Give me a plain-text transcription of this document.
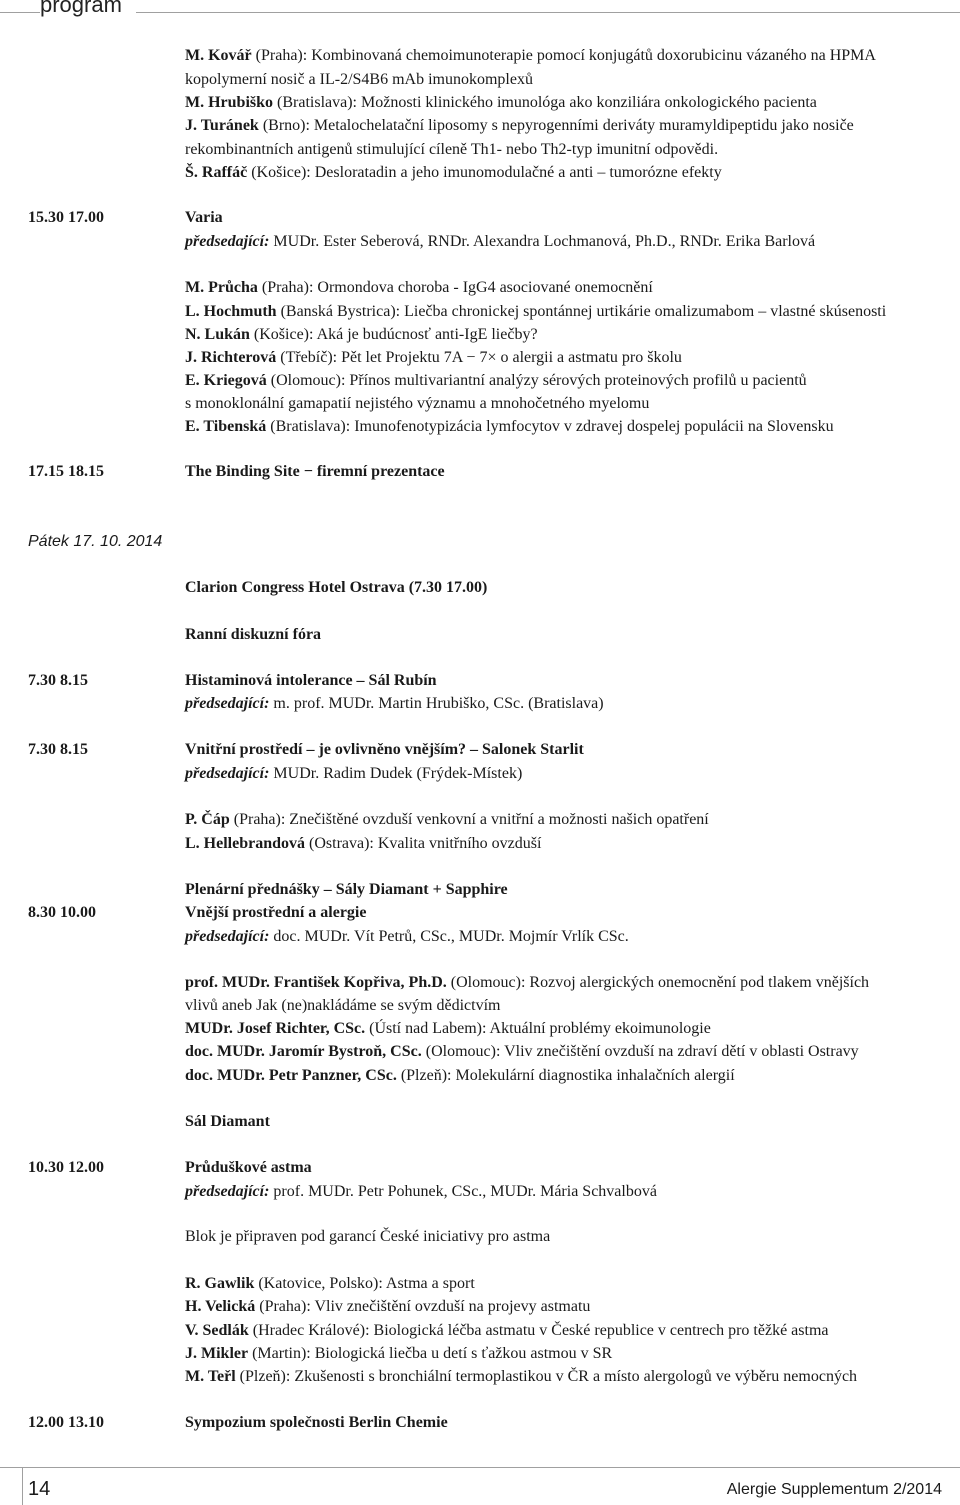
program
M. Kovář (Praha): Kombinovaná chemoimunoterapie pomocí konjugátů doxorubicinu vázaného na HPMA
kopolymerní nosič a IL-2/S4B6 mAb imunokomplexů
M. Hrubiško (Bratislava): Možnosti klinického imunológa ako konziliára onkologického pacienta
J. Turánek (Brno): Metalochelatační liposomy s nepyrogenními deriváty muramyldipeptidu jako nosiče
rekombinantních antigenů stimulující cíleně Th1- nebo Th2-typ imunitní odpovědi.
Š. Raffáč (Košice): Desloratadin a jeho imunomodulačné a anti – tumorózne efekty
15.30 17.00	Varia
předsedající: MUDr. Ester Seberová, RNDr. Alexandra Lochmanová, Ph.D., RNDr. Erika Barlová
M. Průcha (Praha): Ormondova choroba - IgG4 asociované onemocnění
L. Hochmuth (Banská Bystrica): Liečba chronickej spontánnej urtikárie omalizumabom – vlastné skúsenosti
N. Lukán (Košice): Aká je budúcnosť anti-IgE liečby?
J. Richterová (Třebíč): Pět let Projektu 7A − 7× o alergii a astmatu pro školu
E. Kriegová (Olomouc): Přínos multivariantní analýzy sérových proteinových profilů u pacientů
s monoklonální gamapatií nejistého významu a mnohočetného myelomu
E. Tibenská (Bratislava): Imunofenotypizácia lymfocytov v zdravej dospelej populácii na Slovensku
17.15 18.15	The Binding Site − firemní prezentace
Pátek 17. 10. 2014
Clarion Congress Hotel Ostrava (7.30 17.00)
Ranní diskuzní fóra
7.30 8.15	Histaminová intolerance – Sál Rubín
předsedající: m. prof. MUDr. Martin Hrubiško, CSc. (Bratislava)
7.30 8.15	Vnitřní prostředí – je ovlivněno vnějším? – Salonek Starlit
předsedající: MUDr. Radim Dudek (Frýdek-Místek)
P. Čáp (Praha): Znečištěné ovzduší venkovní a vnitřní a možnosti našich opatření
L. Hellebrandová (Ostrava): Kvalita vnitřního ovzduší
Plenární přednášky – Sály Diamant + Sapphire
8.30 10.00	Vnější prostřední a alergie
předsedající: doc. MUDr. Vít Petrů, CSc., MUDr. Mojmír Vrlík CSc.
prof. MUDr. František Kopřiva, Ph.D. (Olomouc): Rozvoj alergických onemocnění pod tlakem vnějších
vlivů aneb Jak (ne)nakládáme se svým dědictvím
MUDr. Josef Richter, CSc. (Ústí nad Labem): Aktuální problémy ekoimunologie
doc. MUDr. Jaromír Bystroň, CSc. (Olomouc): Vliv znečištění ovzduší na zdraví dětí v oblasti Ostravy
doc. MUDr. Petr Panzner, CSc. (Plzeň): Molekulární diagnostika inhalačních alergií
Sál Diamant
10.30 12.00	Průduškové astma
předsedající: prof. MUDr. Petr Pohunek, CSc., MUDr. Mária Schvalbová
Blok je připraven pod garancí České iniciativy pro astma
R. Gawlik (Katovice, Polsko): Astma a sport
H. Velická (Praha): Vliv znečištění ovzduší na projevy astmatu
V. Sedlák (Hradec Králové): Biologická léčba astmatu v České republice v centrech pro těžké astma
J. Mikler (Martin): Biologická liečba u detí s ťažkou astmou v SR
M. Teřl (Plzeň): Zkušenosti s bronchiální termoplastikou v ČR a místo alergologů ve výběru nemocných
12.00 13.10	Sympozium společnosti Berlin Chemie
14	Alergie Supplementum 2/2014
